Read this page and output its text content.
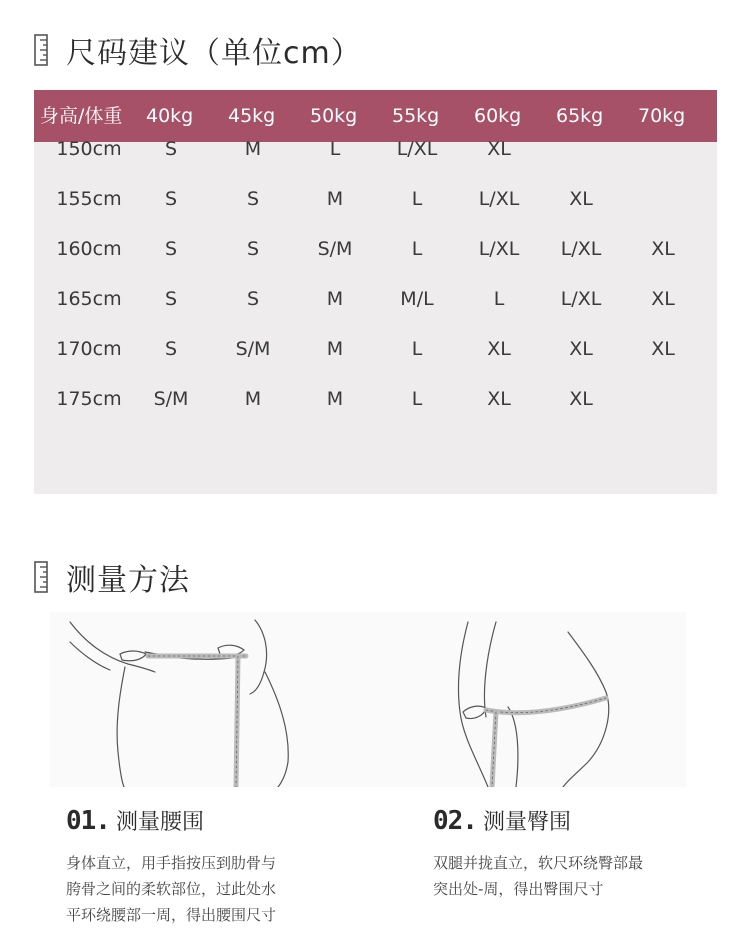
尺码建议（单位cm）
身高/体重 40kg 45kg 50kg 55kg 60kg 65kg 70kg
150cm	S	M	L	L/XL	XL
155cm	S	S	M	L	L/XL	XL
160cm	S	S	S/M	L	L/XL	L/XL	XL
165cm	S	S	M	M/L	L	L/XL	XL
170cm	S	S/M	M	L	XL	XL	XL
175cm	S/M	M	M	L	XL	XL
测量方法
01. 测量腰围
身体直立，用手指按压到肋骨与
胯骨之间的柔软部位，过此处水
平环绕腰部一周，得出腰围尺寸
02. 测量臀围
双腿并拢直立，软尺环绕臀部最
突出处-周，得出臀围尺寸
